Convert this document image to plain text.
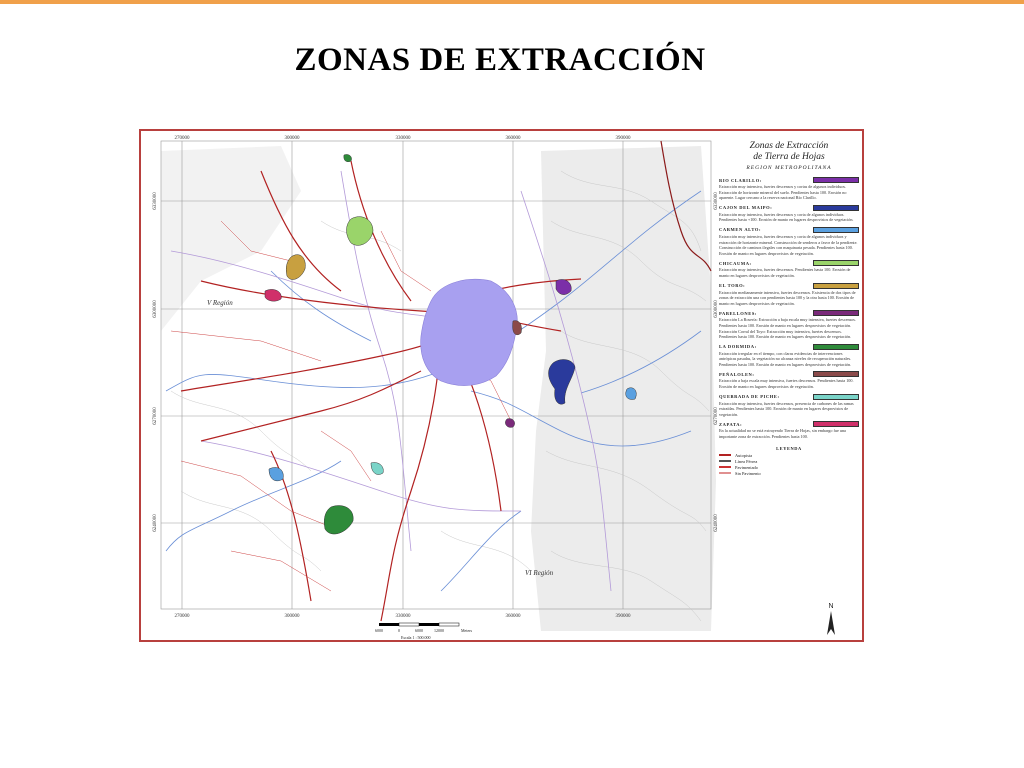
ZONAS DE EXTRACCIÓN
270000	300000	330000	360000	390000
270000	300000	330000	360000	390000
6330000
6300000
6270000
6240000
6330000
6300000
6270000
6240000
V Región
VI Región
6000	0	6000	12000	Meters
Escala 1 : 500.000
Zonas de Extracción
de Tierra de Hojas
REGION METROPOLITANA
RIO CLARILLO:
Extracción muy intensiva, fuertes descensos y cortas de algunos individuos. Extracción de horizonte mineral del suelo. Pendientes hasta 100. Erosión no aparente. Lugar cercano a la reserva nacional Río Clarillo.
CAJON DEL MAIPO:
Extracción muy intensiva, fuertes descensos y corta de algunos individuos. Pendientes hasta +100. Erosión de manto en lugares desprovistos de vegetación.
CARMEN ALTO:
Extracción muy intensiva, fuertes descensos y corta de algunos individuos y extracción de horizonte mineral. Construcción de senderos a favor de la pendiente. Construcción de caminos ilegales con maquinaria pesada. Pendientes hasta 100. Erosión de manto en lugares desprovistos de vegetación.
CHICAUMA:
Extracción muy intensiva, fuertes descensos. Pendientes hasta 100. Erosión de manto en lugares desprovistos de vegetación.
EL TORO:
Extracción medianamente intensiva, fuertes descensos. Existencia de dos tipos de zonas de extracción una con pendientes hasta 100 y la otra hasta 100. Erosión de manto en lugares desprovistos de vegetación.
PABELLONES:
Extracción La Rosería: Extracción a baja escala muy intensiva, fuertes descensos. Pendientes hasta 100. Erosión de manto en lugares desprovistos de vegetación. Extracción Corral del Toyo: Extracción muy intensiva, fuertes descensos. Pendientes hasta 100. Erosión de manto en lugares desprovistos de vegetación.
LA DORMIDA:
Extracción irregular en el tiempo, con claras evidencias de intervenciones antrópicas pasadas, la vegetación no alcanza niveles de recuperación naturales. Pendientes hasta 100. Erosión de manto en lugares desprovistos de vegetación.
PEÑALOLEN:
Extracción a baja escala muy intensiva, fuertes descensos. Pendientes hasta 100. Erosión de manto en lugares desprovistos de vegetación.
QUEBRADA DE PICHE:
Extracción muy intensiva, fuertes descensos, presencia de carbones de las ramas extraídas. Pendientes hasta 100. Erosión de manto en lugares desprovistos de vegetación.
ZAPATA:
En la actualidad no se está extrayendo Tierra de Hojas, sin embargo fue una importante zona de extracción. Pendientes hasta 100.
LEYENDA
Autopista
Línea Férrea
Pavimentado
Sin Pavimento
N
